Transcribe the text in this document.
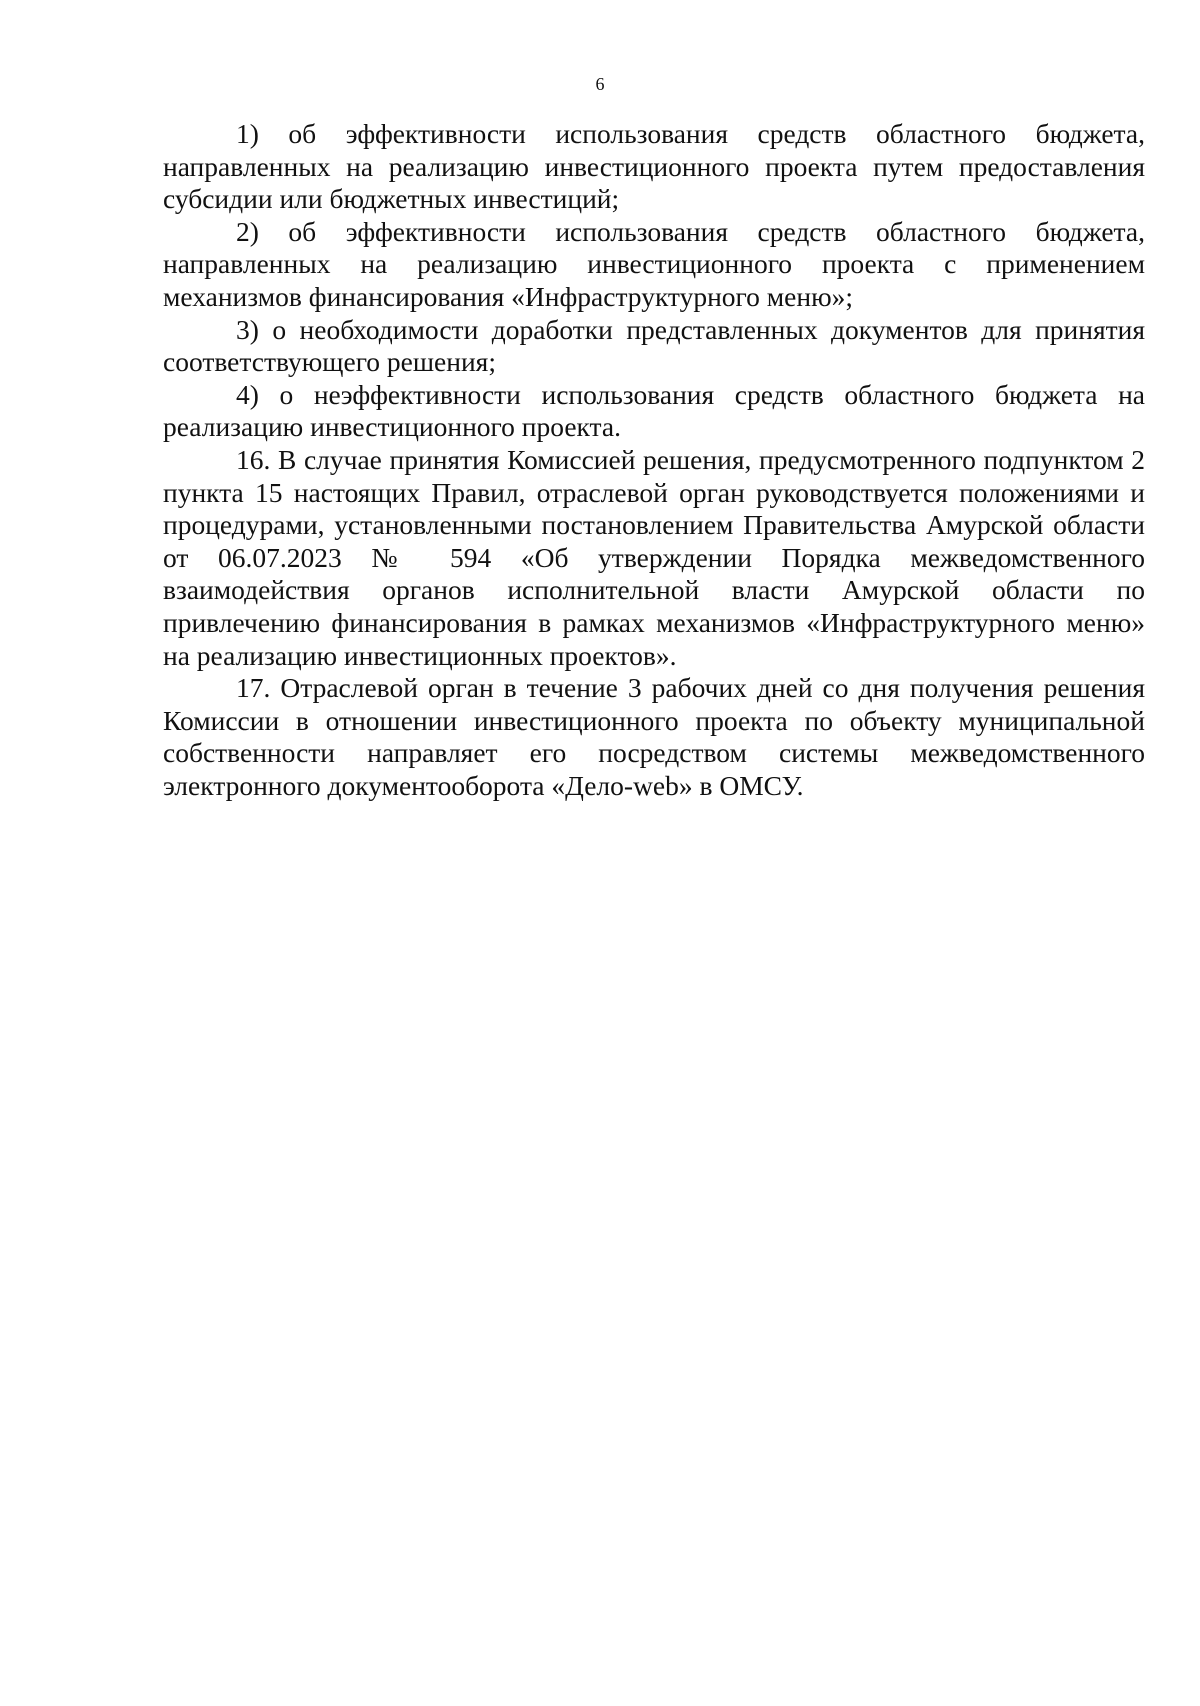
6

1) об эффективности использования средств областного бюджета, направленных на реализацию инвестиционного проекта путем предоставления субсидии или бюджетных инвестиций;

2) об эффективности использования средств областного бюджета, направленных на реализацию инвестиционного проекта с применением механизмов финансирования «Инфраструктурного меню»;

3) о необходимости доработки представленных документов для принятия соответствующего решения;

4) о неэффективности использования средств областного бюджета на реализацию инвестиционного проекта.

16. В случае принятия Комиссией решения, предусмотренного подпунктом 2 пункта 15 настоящих Правил, отраслевой орган руководствуется положениями и процедурами, установленными постановлением Правительства Амурской области от 06.07.2023 № 594 «Об утверждении Порядка межведомственного взаимодействия органов исполнительной власти Амурской области по привлечению финансирования в рамках механизмов «Инфраструктурного меню» на реализацию инвестиционных проектов».

17. Отраслевой орган в течение 3 рабочих дней со дня получения решения Комиссии в отношении инвестиционного проекта по объекту муниципальной собственности направляет его посредством системы межведомственного электронного документооборота «Дело-web» в ОМСУ.
